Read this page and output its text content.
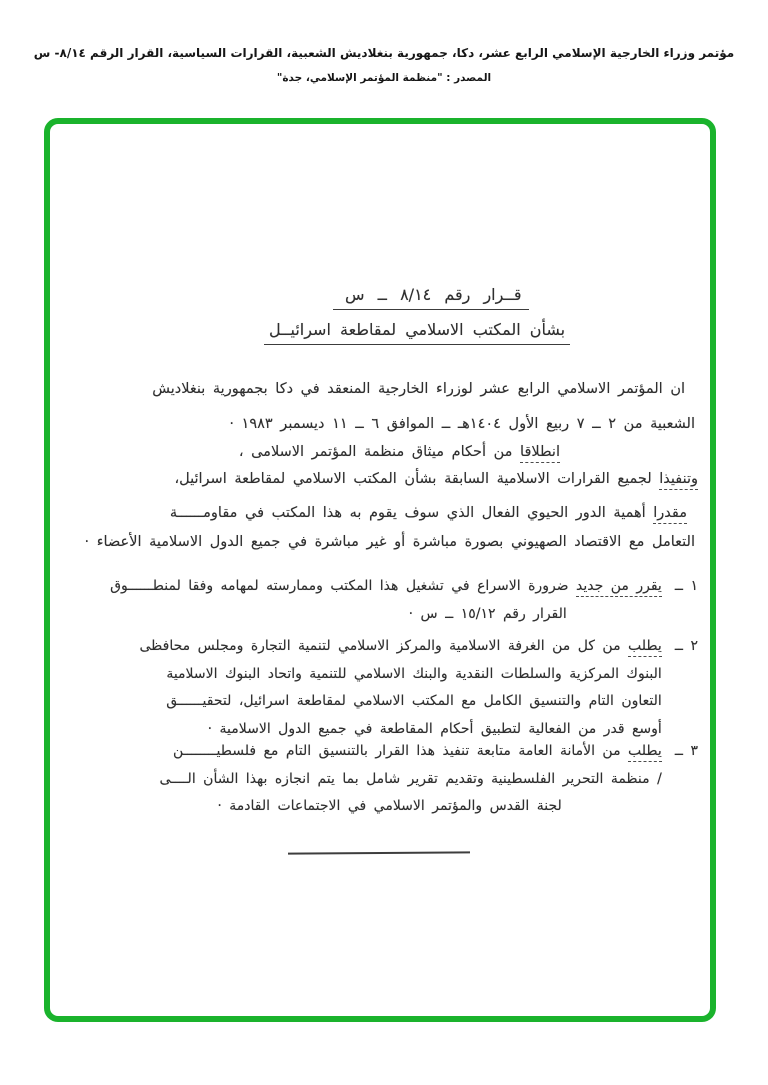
مؤتمر وزراء الخارجية الإسلامي الرابع عشر، دكا، جمهورية بنغلاديش الشعبية، القرارات السياسية، القرار الرقم ٨/١٤- س
المصدر : "منظمة المؤتمر الإسلامي، جدة"
قــرار رقم ٨/١٤ ــ س
بشأن المكتب الاسلامي لمقاطعة اسرائيــل
ان المؤتمر الاسلامي الرابع عشر لوزراء الخارجية المنعقد في دكا بجمهورية بنغلاديش
الشعبية من ٢ ــ ٧ ربيع الأول ١٤٠٤هـ ــ الموافق ٦ ــ ١١ ديسمبر ١٩٨٣ ·
انطلاقا من أحكام ميثاق منظمة المؤتمر الاسلامى ،
وتنفيذا لجميع القرارات الاسلامية السابقة بشأن المكتب الاسلامي لمقاطعة اسرائيل،
مقدرا أهمية الدور الحيوي الفعال الذي سوف يقوم به هذا المكتب في مقاومــــــة
التعامل مع الاقتصاد الصهيوني بصورة مباشرة أو غير مباشرة في جميع الدول الاسلامية الأعضاء ·
١ ــ
يقرر من جديد ضرورة الاسراع في تشغيل هذا المكتب وممارسته لمهامه وفقا لمنطــــــوق
القرار رقم ١٥/١٢ ــ س ·
٢ ــ
يطلب من كل من الغرفة الاسلامية والمركز الاسلامي لتنمية التجارة ومجلس محافظى
البنوك المركزية والسلطات النقدية والبنك الاسلامي للتنمية واتحاد البنوك الاسلامية
التعاون التام والتنسيق الكامل مع المكتب الاسلامي لمقاطعة اسرائيل، لتحقيــــــق
أوسع قدر من الفعالية لتطبيق أحكام المقاطعة في جميع الدول الاسلامية ·
٣ ــ
يطلب من الأمانة العامة متابعة تنفيذ هذا القرار بالتنسيق التام مع فلسطيــــــــن
/ منظمة التحرير الفلسطينية وتقديم تقرير شامل بما يتم انجازه بهذا الشأن الــــى
لجنة القدس والمؤتمر الاسلامي في الاجتماعات القادمة ·
